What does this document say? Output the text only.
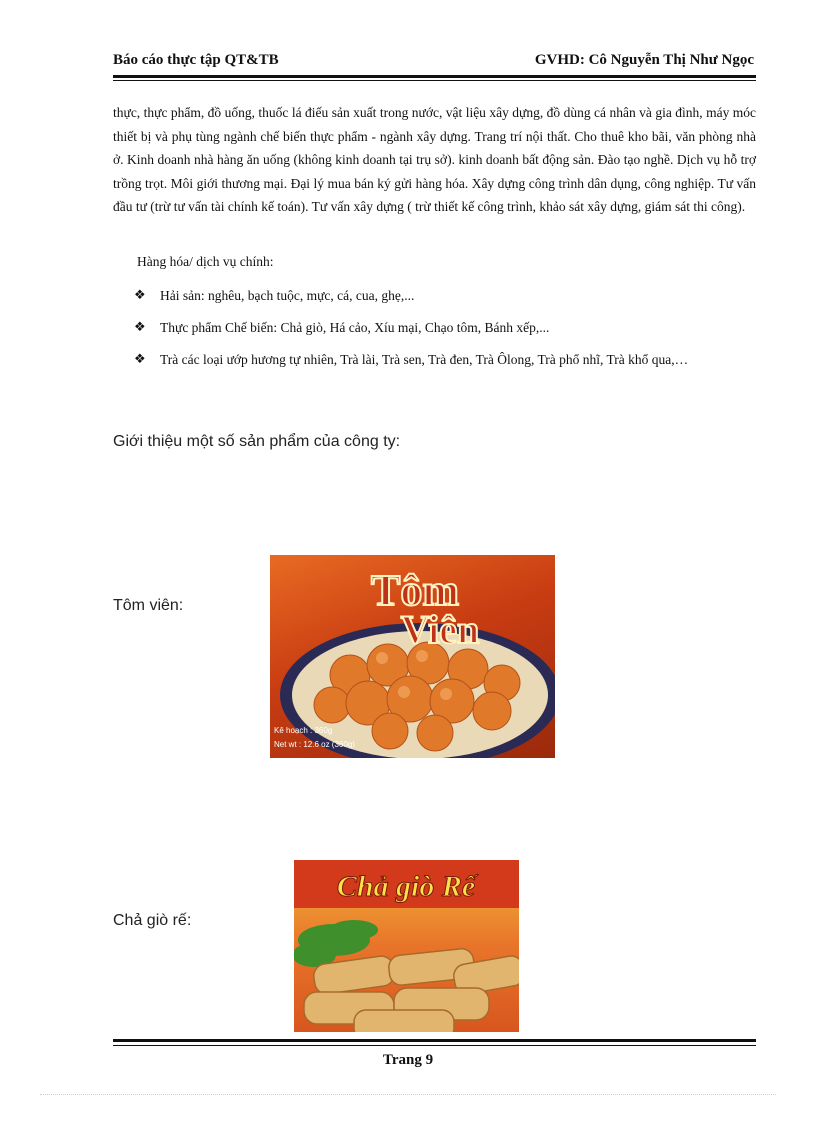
Báo cáo thực tập QT&TB	GVHD: Cô Nguyễn Thị Như Ngọc
thực, thực phẩm, đồ uống, thuốc lá điếu sản xuất trong nước, vật liệu xây dựng, đồ dùng cá nhân và gia đình, máy móc thiết bị và phụ tùng ngành chế biến thực phẩm - ngành xây dựng. Trang trí nội thất. Cho thuê kho bãi, văn phòng nhà ở. Kinh doanh nhà hàng ăn uống (không kinh doanh tại trụ sở). kinh doanh bất động sản. Đào tạo nghề. Dịch vụ hỗ trợ trồng trọt. Môi giới thương mại. Đại lý mua bán ký gửi hàng hóa. Xây dựng công trình dân dụng, công nghiệp. Tư vấn đầu tư (trừ tư vấn tài chính kế toán). Tư vấn xây dựng ( trừ thiết kế công trình, khảo sát xây dựng, giám sát thi công).
Hàng hóa/ dịch vụ chính:
❖ Hải sản: nghêu, bạch tuộc, mực, cá, cua, ghẹ,...
❖ Thực phẩm Chế biến: Chả giò, Há cảo, Xíu mại, Chạo tôm, Bánh xếp,...
❖ Trà các loại ướp hương tự nhiên, Trà lài, Trà sen, Trà đen, Trà Ôlong, Trà phổ nhĩ, Trà khổ qua,…
Giới thiệu một số sản phẩm của công ty:
Tôm viên:	Tôm
Viên
Kê hoạch : 360g
Net wt : 12.6 oz (360g)
Chả giò rế:
Chả giò Rế
Trang 9
